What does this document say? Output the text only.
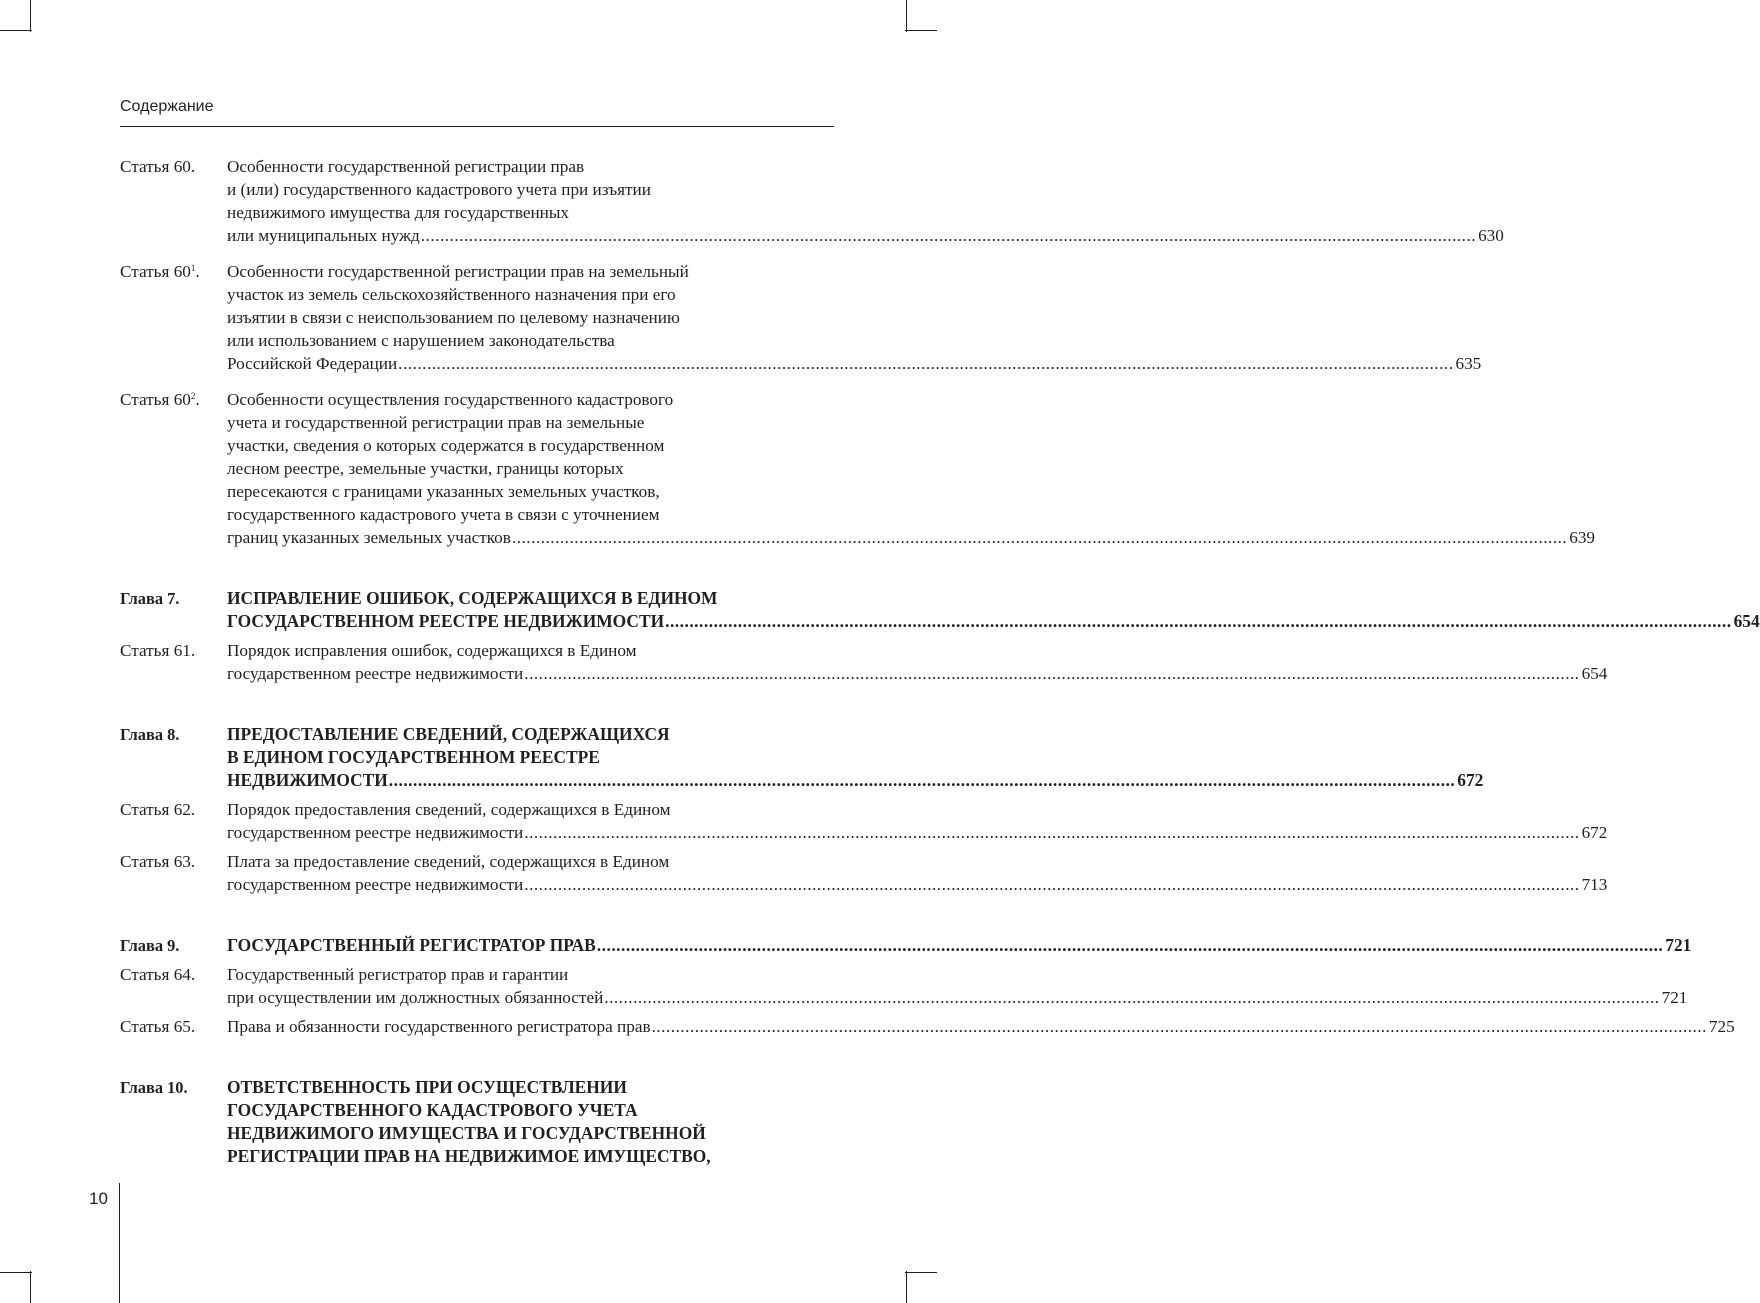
Содержание
Статья 60.	Особенности государственной регистрации прав
и (или) государственного кадастрового учета при изъятии
недвижимого имущества для государственных
или муниципальных нужд ............................................................................................................................................................................................................................ 630
Статья $60^1$.	Особенности государственной регистрации прав на земельный
участок из земель сельскохозяйственного назначения при его
изъятии в связи с неиспользованием по целевому назначению
или использованием с нарушением законодательства
Российской Федерации ............................................................................................................................................................................................................................ 635
Статья $60^2$.	Особенности осуществления государственного кадастрового
учета и государственной регистрации прав на земельные
участки, сведения о которых содержатся в государственном
лесном реестре, земельные участки, границы которых
пересекаются с границами указанных земельных участков,
государственного кадастрового учета в связи с уточнением
границ указанных земельных участков ............................................................................................................................................................................................................................ 639
Глава 7.	ИСПРАВЛЕНИЕ ОШИБОК, СОДЕРЖАЩИХСЯ В ЕДИНОМ
ГОСУДАРСТВЕННОМ РЕЕСТРЕ НЕДВИЖИМОСТИ ............................................................................................................................................................................................................................ 654
Статья 61.	Порядок исправления ошибок, содержащихся в Едином
государственном реестре недвижимости ............................................................................................................................................................................................................................ 654
Глава 8.	ПРЕДОСТАВЛЕНИЕ СВЕДЕНИЙ, СОДЕРЖАЩИХСЯ
В ЕДИНОМ ГОСУДАРСТВЕННОМ РЕЕСТРЕ
НЕДВИЖИМОСТИ ............................................................................................................................................................................................................................ 672
Статья 62.	Порядок предоставления сведений, содержащихся в Едином
государственном реестре недвижимости ............................................................................................................................................................................................................................ 672
Статья 63.	Плата за предоставление сведений, содержащихся в Едином
государственном реестре недвижимости ............................................................................................................................................................................................................................ 713
Глава 9.	ГОСУДАРСТВЕННЫЙ РЕГИСТРАТОР ПРАВ ............................................................................................................................................................................................................................ 721
Статья 64.	Государственный регистратор прав и гарантии
при осуществлении им должностных обязанностей ............................................................................................................................................................................................................................ 721
Статья 65.	Права и обязанности государственного регистратора прав ............................................................................................................................................................................................................................ 725
Глава 10.	ОТВЕТСТВЕННОСТЬ ПРИ ОСУЩЕСТВЛЕНИИ
ГОСУДАРСТВЕННОГО КАДАСТРОВОГО УЧЕТА
НЕДВИЖИМОГО ИМУЩЕСТВА И ГОСУДАРСТВЕННОЙ
РЕГИСТРАЦИИ ПРАВ НА НЕДВИЖИМОЕ ИМУЩЕСТВО,
10
